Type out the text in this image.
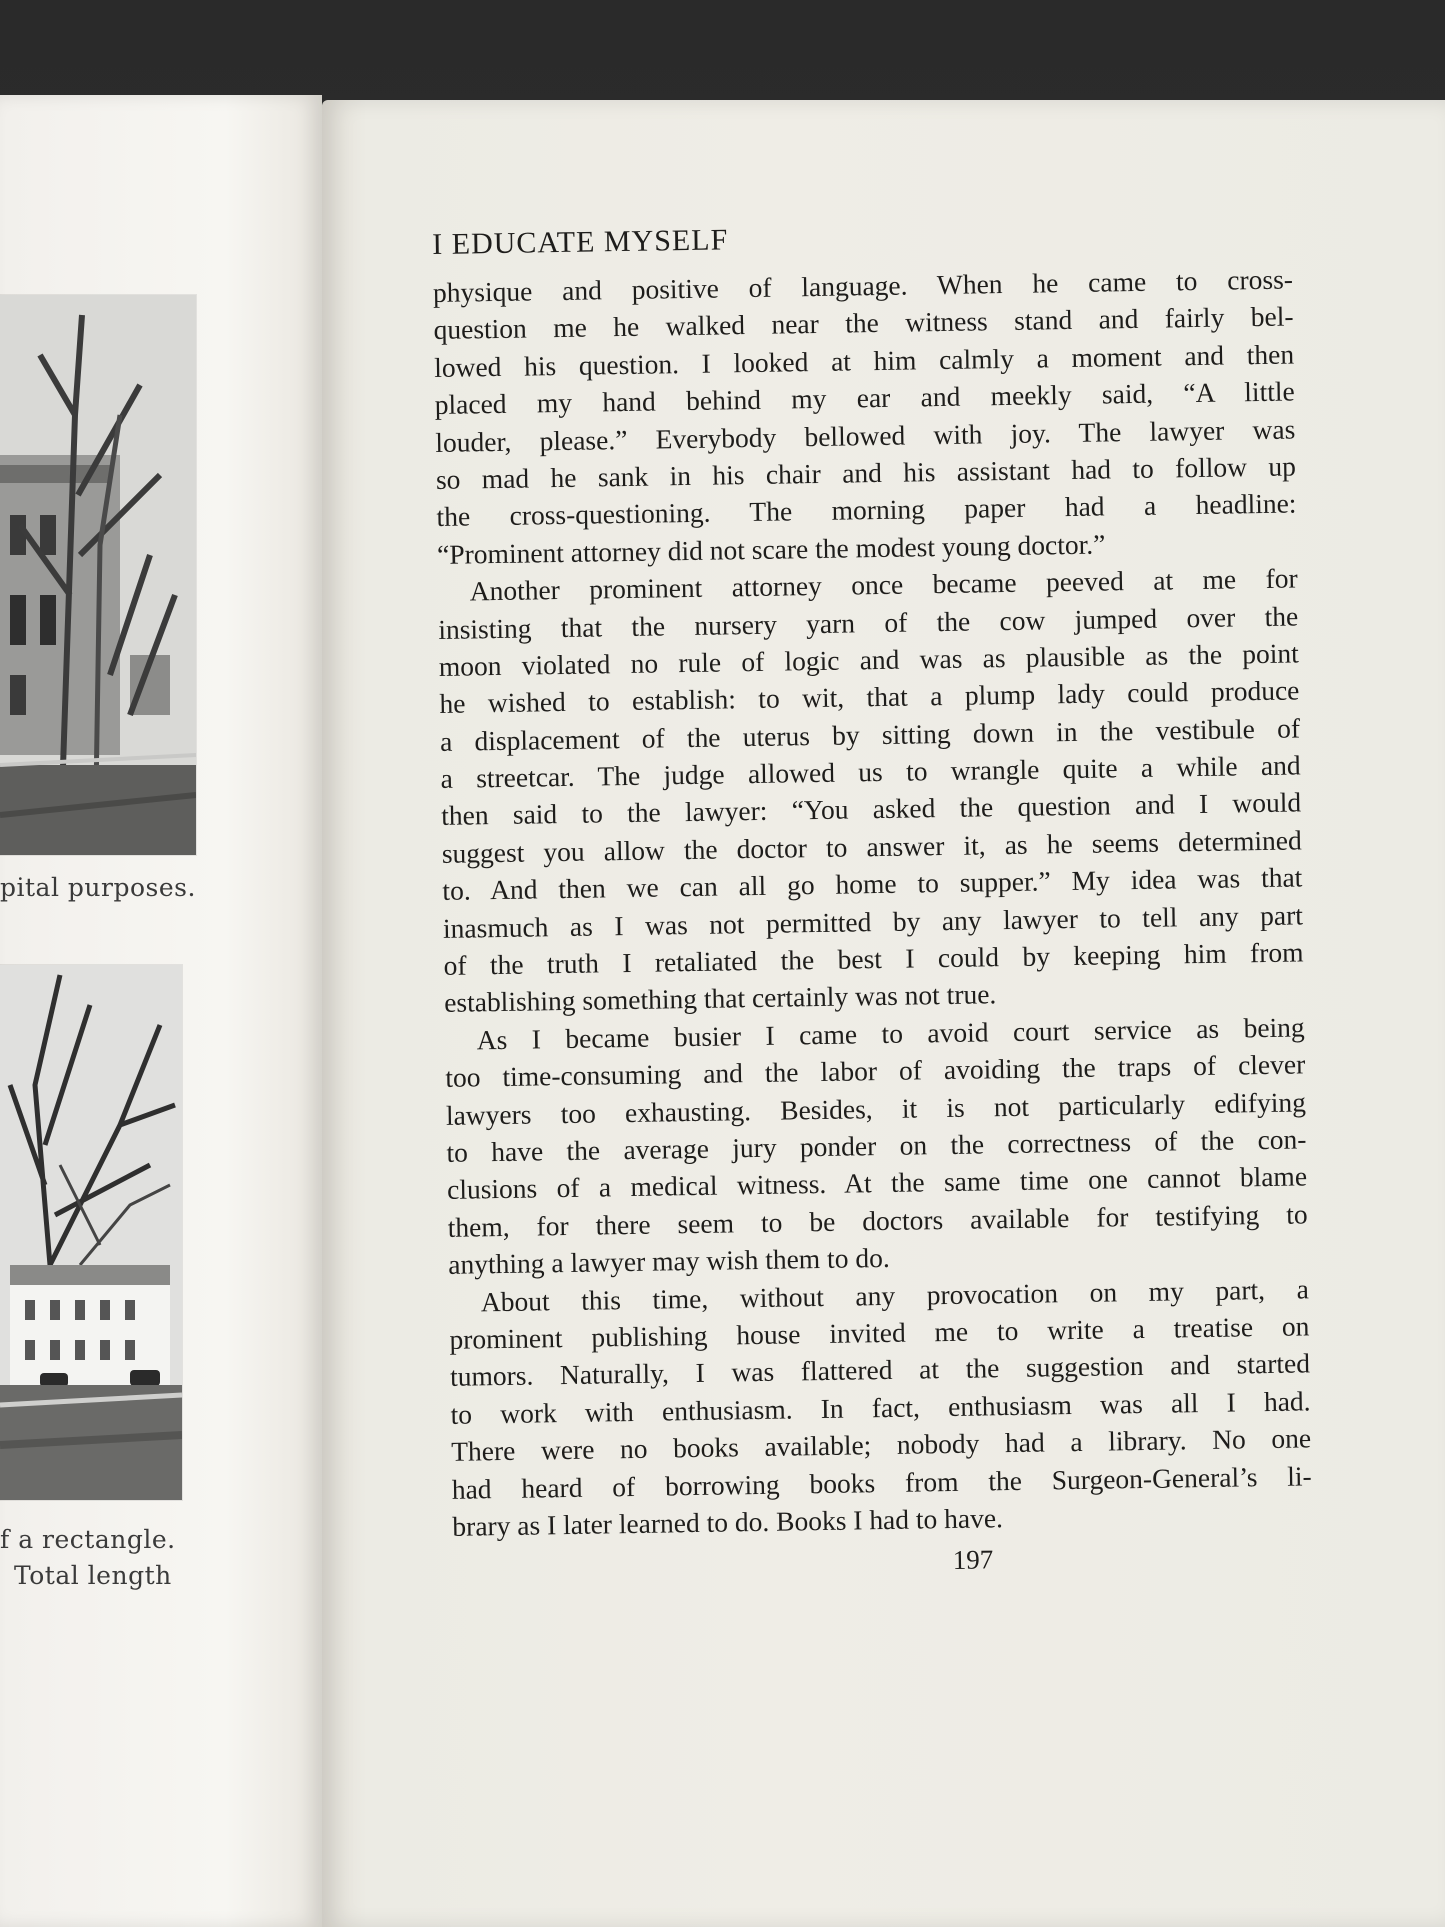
pital purposes.
f a rectangle.
Total length
I EDUCATE MYSELF
physique and positive of language. When he came to cross-
question me he walked near the witness stand and fairly bel-
lowed his question. I looked at him calmly a moment and then
placed my hand behind my ear and meekly said, “A little
louder, please.” Everybody bellowed with joy. The lawyer was
so mad he sank in his chair and his assistant had to follow up
the cross-questioning. The morning paper had a headline:
“Prominent attorney did not scare the modest young doctor.”
Another prominent attorney once became peeved at me for
insisting that the nursery yarn of the cow jumped over the
moon violated no rule of logic and was as plausible as the point
he wished to establish: to wit, that a plump lady could produce
a displacement of the uterus by sitting down in the vestibule of
a streetcar. The judge allowed us to wrangle quite a while and
then said to the lawyer: “You asked the question and I would
suggest you allow the doctor to answer it, as he seems determined
to. And then we can all go home to supper.” My idea was that
inasmuch as I was not permitted by any lawyer to tell any part
of the truth I retaliated the best I could by keeping him from
establishing something that certainly was not true.
As I became busier I came to avoid court service as being
too time-consuming and the labor of avoiding the traps of clever
lawyers too exhausting. Besides, it is not particularly edifying
to have the average jury ponder on the correctness of the con-
clusions of a medical witness. At the same time one cannot blame
them, for there seem to be doctors available for testifying to
anything a lawyer may wish them to do.
About this time, without any provocation on my part, a
prominent publishing house invited me to write a treatise on
tumors. Naturally, I was flattered at the suggestion and started
to work with enthusiasm. In fact, enthusiasm was all I had.
There were no books available; nobody had a library. No one
had heard of borrowing books from the Surgeon-General’s li-
brary as I later learned to do. Books I had to have.
197
